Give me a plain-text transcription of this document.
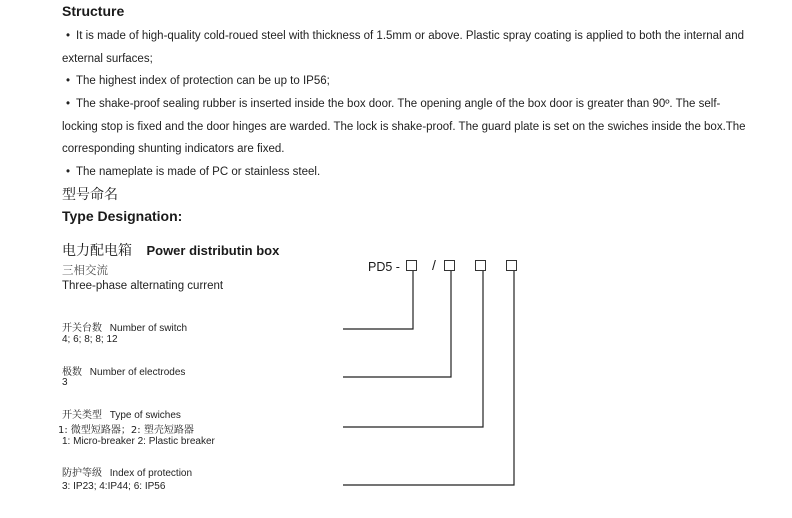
Structure
• It is made of high-quality cold-roued steel with thickness of 1.5mm or above. Plastic spray coating is applied to both the internal and external surfaces;
• The highest index of protection can be up to IP56;
• The shake-proof sealing rubber is inserted inside the box door. The opening angle of the box door is greater than 90º. The self-locking stop is fixed and the door hinges are warded. The lock is shake-proof. The guard plate is set on the swiches inside the box.The corresponding shunting indicators are fixed.
• The nameplate is made of PC or stainless steel.
型号命名
Type Designation:
电力配电箱 Power distributin box
三相交流
Three-phase alternating current
PD5 - /
开关台数 Number of switch
4; 6; 8; 8; 12
极数 Number of electrodes
3
开关类型 Type of swiches
1: 微型短路器；2: 塑壳短路器
1: Micro-breaker 2: Plastic breaker
防护等级 Index of protection
3: IP23; 4:IP44; 6: IP56
